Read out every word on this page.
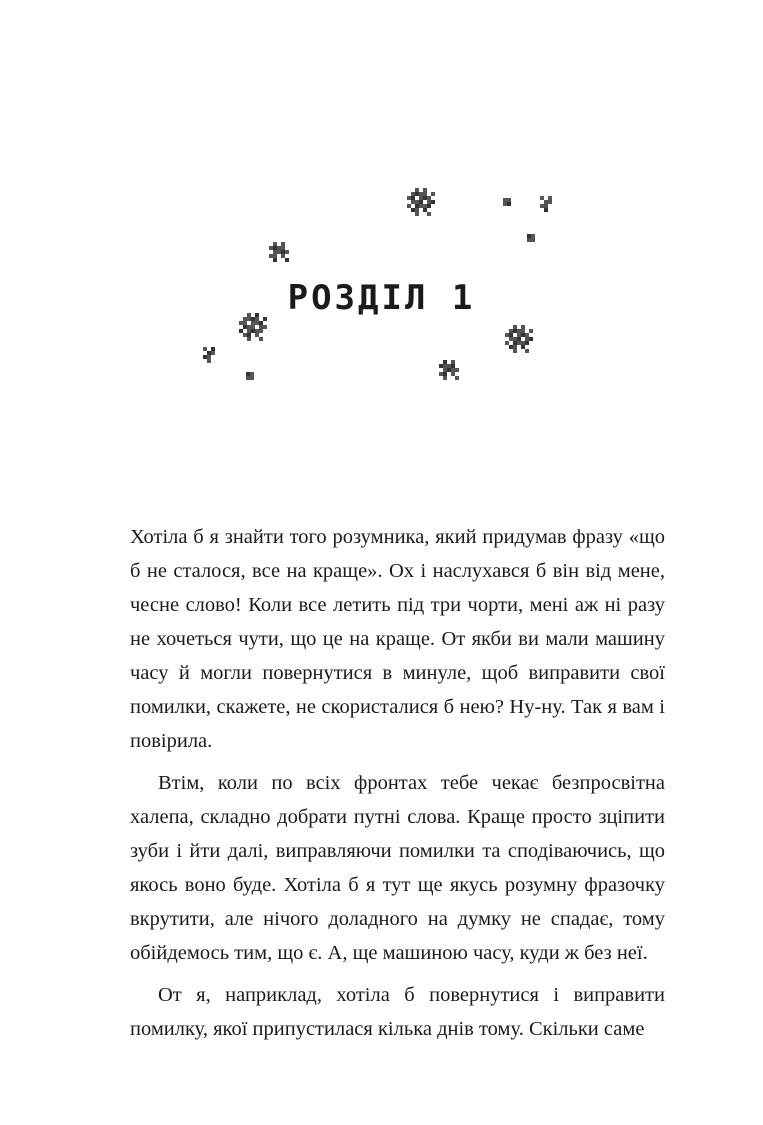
РОЗДІЛ 1

Хотіла б я знайти того розумника, який придумав фразу «що б не сталося, все на краще». Ох і наслухався б він від мене, чесне слово! Коли все летить під три чорти, мені аж ні разу не хочеться чути, що це на краще. От якби ви мали машину часу й могли повернутися в минуле, щоб виправити свої помилки, скажете, не скористалися б нею? Ну-ну. Так я вам і повірила.

Втім, коли по всіх фронтах тебе чекає безпросвітна халепа, складно добрати путні слова. Краще просто зціпити зуби і йти далі, виправляючи помилки та сподіваючись, що якось воно буде. Хотіла б я тут ще якусь розумну фразочку вкрутити, але нічого доладного на думку не спадає, тому обійдемось тим, що є. А, ще машиною часу, куди ж без неї.

От я, наприклад, хотіла б повернутися і виправити помилку, якої припустилася кілька днів тому. Скільки саме
